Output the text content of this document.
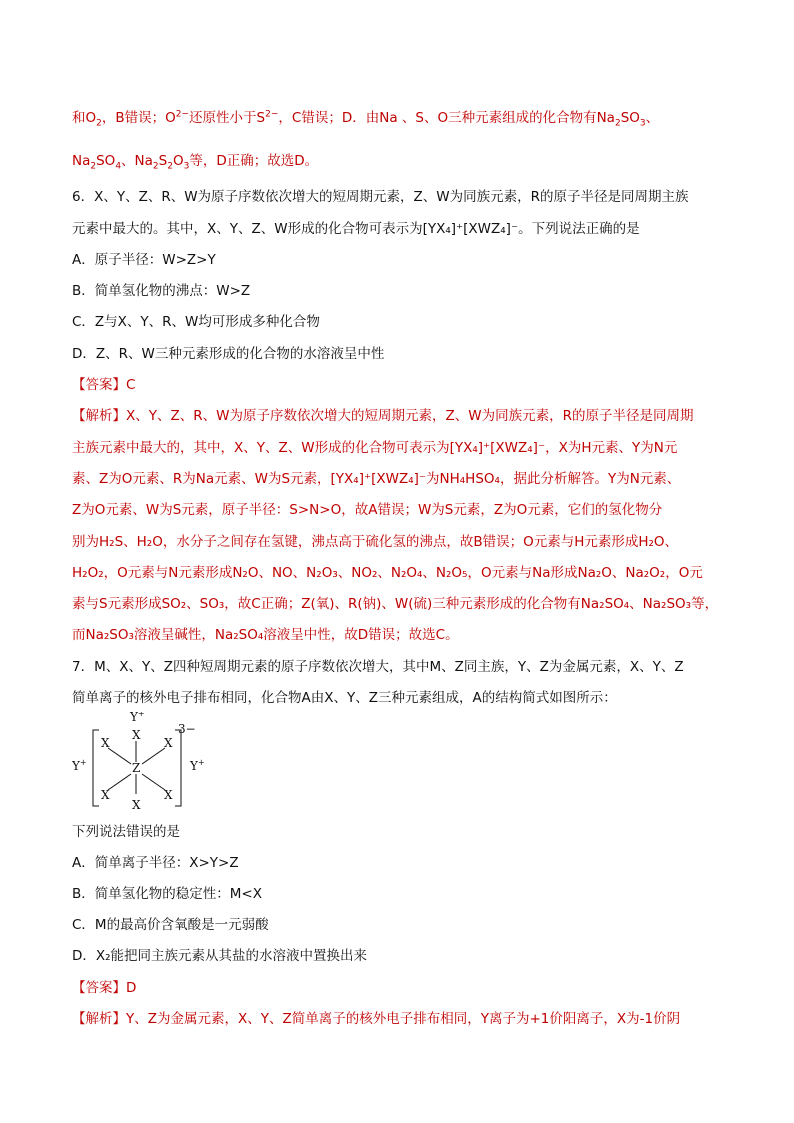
和$O_2$，B错误；$O^{2-}$还原性小于$S^{2-}$，C错误；D．由Na 、S、O三种元素组成的化合物有$Na_2SO_3$、
$Na_2SO_4$、$Na_2S_2O_3$等，D正确；故选D。
6．X、Y、Z、R、W为原子序数依次增大的短周期元素，Z、W为同族元素，R的原子半径是同周期主族
元素中最大的。其中，X、Y、Z、W形成的化合物可表示为[YX₄]⁺[XWZ₄]⁻。下列说法正确的是
A．原子半径：W>Z>Y
B．简单氢化物的沸点：W>Z
C．Z与X、Y、R、W均可形成多种化合物
D．Z、R、W三种元素形成的化合物的水溶液呈中性
【答案】C
【解析】X、Y、Z、R、W为原子序数依次增大的短周期元素，Z、W为同族元素，R的原子半径是同周期
主族元素中最大的，其中，X、Y、Z、W形成的化合物可表示为[YX₄]⁺[XWZ₄]⁻，X为H元素、Y为N元
素、Z为O元素、R为Na元素、W为S元素，[YX₄]⁺[XWZ₄]⁻为NH₄HSO₄，据此分析解答。Y为N元素、
Z为O元素、W为S元素，原子半径：S>N>O，故A错误；W为S元素，Z为O元素，它们的氢化物分
别为H₂S、H₂O，水分子之间存在氢键，沸点高于硫化氢的沸点，故B错误；O元素与H元素形成H₂O、
H₂O₂，O元素与N元素形成N₂O、NO、N₂O₃、NO₂、N₂O₄、N₂O₅，O元素与Na形成Na₂O、Na₂O₂，O元
素与S元素形成SO₂、SO₃，故C正确；Z(氧)、R(钠)、W(硫)三种元素形成的化合物有Na₂SO₄、Na₂SO₃等，
而Na₂SO₃溶液呈碱性，Na₂SO₄溶液呈中性，故D错误；故选C。
7．M、X、Y、Z四种短周期元素的原子序数依次增大，其中M、Z同主族，Y、Z为金属元素，X、Y、Z
简单离子的核外电子排布相同，化合物A由X、Y、Z三种元素组成，A的结构简式如图所示：
Y+
Y+
Y+
3−
X
X	X
Z
X	X
X
下列说法错误的是
A．简单离子半径：X>Y>Z
B．简单氢化物的稳定性：M<X
C．M的最高价含氧酸是一元弱酸
D．X₂能把同主族元素从其盐的水溶液中置换出来
【答案】D
【解析】Y、Z为金属元素，X、Y、Z简单离子的核外电子排布相同，Y离子为+1价阳离子，X为-1价阴
